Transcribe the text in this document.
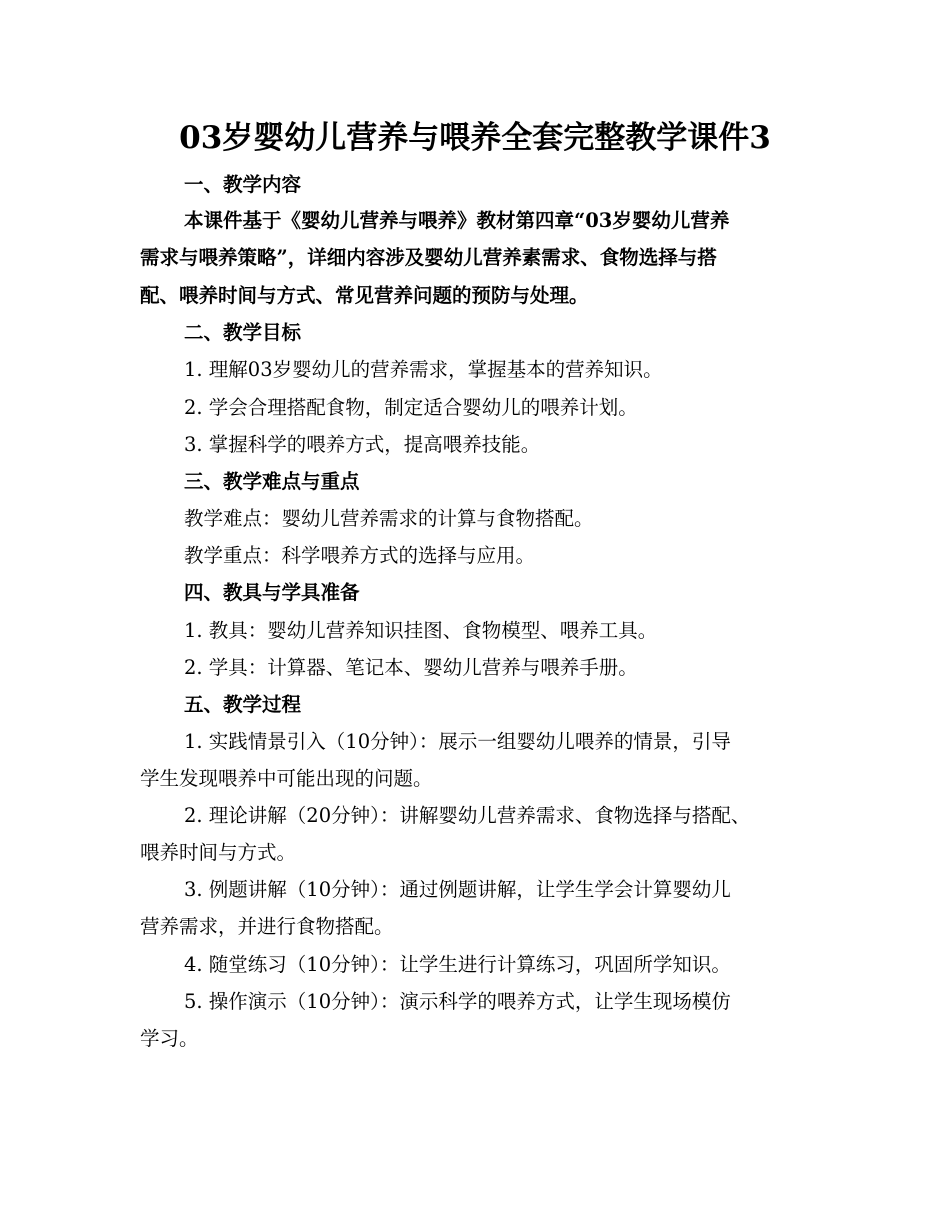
03岁婴幼儿营养与喂养全套完整教学课件3
一、教学内容
本课件基于《婴幼儿营养与喂养》教材第四章“03岁婴幼儿营养
需求与喂养策略”，详细内容涉及婴幼儿营养素需求、食物选择与搭
配、喂养时间与方式、常见营养问题的预防与处理。
二、教学目标
1. 理解03岁婴幼儿的营养需求，掌握基本的营养知识。
2. 学会合理搭配食物，制定适合婴幼儿的喂养计划。
3. 掌握科学的喂养方式，提高喂养技能。
三、教学难点与重点
教学难点：婴幼儿营养需求的计算与食物搭配。
教学重点：科学喂养方式的选择与应用。
四、教具与学具准备
1. 教具：婴幼儿营养知识挂图、食物模型、喂养工具。
2. 学具：计算器、笔记本、婴幼儿营养与喂养手册。
五、教学过程
1. 实践情景引入（10分钟）：展示一组婴幼儿喂养的情景，引导
学生发现喂养中可能出现的问题。
2. 理论讲解（20分钟）：讲解婴幼儿营养需求、食物选择与搭配、
喂养时间与方式。
3. 例题讲解（10分钟）：通过例题讲解，让学生学会计算婴幼儿
营养需求，并进行食物搭配。
4. 随堂练习（10分钟）：让学生进行计算练习，巩固所学知识。
5. 操作演示（10分钟）：演示科学的喂养方式，让学生现场模仿
学习。
